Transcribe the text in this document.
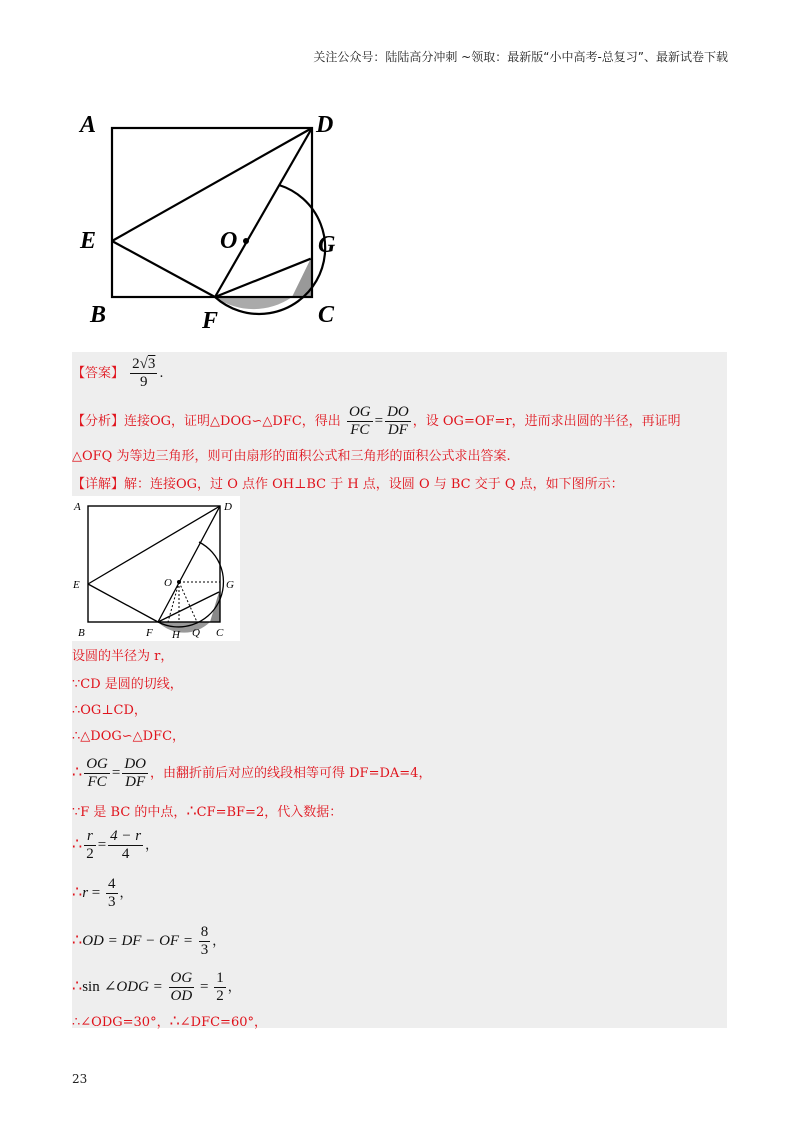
关注公众号：陆陆高分冲刺 ~领取：最新版“小中高考-总复习”、最新试卷下载
A	D
E	O	G
B	F	C
【答案】 $\frac{2√3}{9}$ .
【分析】连接OG，证明△DOG∽△DFC，得出 $\frac{OG}{FC} = \frac{DO}{DF}$ ，设 OG=OF=r，进而求出圆的半径，再证明
△OFQ 为等边三角形，则可由扇形的面积公式和三角形的面积公式求出答案.
【详解】解：连接OG，过 O 点作 OH⊥BC 于 H 点，设圆 O 与 BC 交于 Q 点，如下图所示：
A	D
E	O	G
B	F H Q C
设圆的半径为 r，
∵CD 是圆的切线，
∴OG⊥CD，
∴△DOG∽△DFC，
∴ $\frac{OG}{FC} = \frac{DO}{DF}$ ，由翻折前后对应的线段相等可得 DF=DA=4，
∵F 是 BC 的中点，∴CF=BF=2，代入数据：
∴ $\frac{r}{2} = \frac{4 - r}{4}$ ，
∴r = $\frac{4}{3}$ ，
∴OD = DF − OF = $\frac{8}{3}$ ，
∴sin ∠ODG = $\frac{OG}{OD} = \frac{1}{2}$ ，
∴∠ODG=30°，∴∠DFC=60°，
23
